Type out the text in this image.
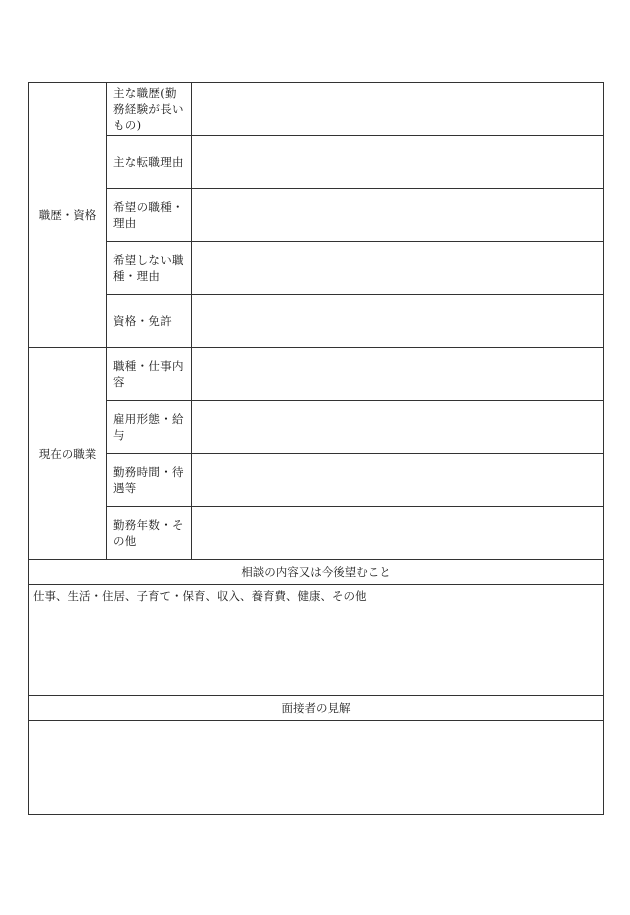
職歴・資格	主な職歴(勤務経験が長いもの)	
	主な転職理由	
	希望の職種・理由	
	希望しない職種・理由	
	資格・免許	
現在の職業	職種・仕事内容	
	雇用形態・給与	
	勤務時間・待遇等	
	勤務年数・その他	
相談の内容又は今後望むこと		

仕事、生活・住居、子育て・保育、収入、養育費、健康、その他		

面接者の見解		
